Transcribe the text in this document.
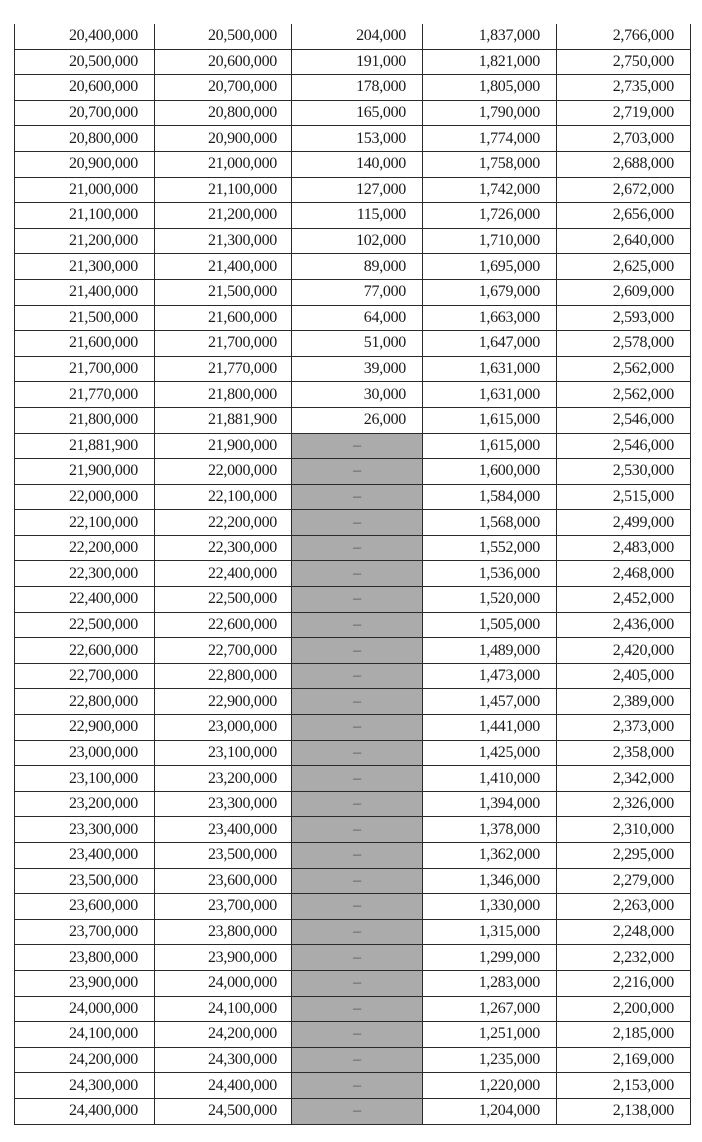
20,400,000	20,500,000	204,000	1,837,000	2,766,000
20,500,000	20,600,000	191,000	1,821,000	2,750,000
20,600,000	20,700,000	178,000	1,805,000	2,735,000
20,700,000	20,800,000	165,000	1,790,000	2,719,000
20,800,000	20,900,000	153,000	1,774,000	2,703,000
20,900,000	21,000,000	140,000	1,758,000	2,688,000
21,000,000	21,100,000	127,000	1,742,000	2,672,000
21,100,000	21,200,000	115,000	1,726,000	2,656,000
21,200,000	21,300,000	102,000	1,710,000	2,640,000
21,300,000	21,400,000	89,000	1,695,000	2,625,000
21,400,000	21,500,000	77,000	1,679,000	2,609,000
21,500,000	21,600,000	64,000	1,663,000	2,593,000
21,600,000	21,700,000	51,000	1,647,000	2,578,000
21,700,000	21,770,000	39,000	1,631,000	2,562,000
21,770,000	21,800,000	30,000	1,631,000	2,562,000
21,800,000	21,881,900	26,000	1,615,000	2,546,000
21,881,900	21,900,000	–	1,615,000	2,546,000
21,900,000	22,000,000	–	1,600,000	2,530,000
22,000,000	22,100,000	–	1,584,000	2,515,000
22,100,000	22,200,000	–	1,568,000	2,499,000
22,200,000	22,300,000	–	1,552,000	2,483,000
22,300,000	22,400,000	–	1,536,000	2,468,000
22,400,000	22,500,000	–	1,520,000	2,452,000
22,500,000	22,600,000	–	1,505,000	2,436,000
22,600,000	22,700,000	–	1,489,000	2,420,000
22,700,000	22,800,000	–	1,473,000	2,405,000
22,800,000	22,900,000	–	1,457,000	2,389,000
22,900,000	23,000,000	–	1,441,000	2,373,000
23,000,000	23,100,000	–	1,425,000	2,358,000
23,100,000	23,200,000	–	1,410,000	2,342,000
23,200,000	23,300,000	–	1,394,000	2,326,000
23,300,000	23,400,000	–	1,378,000	2,310,000
23,400,000	23,500,000	–	1,362,000	2,295,000
23,500,000	23,600,000	–	1,346,000	2,279,000
23,600,000	23,700,000	–	1,330,000	2,263,000
23,700,000	23,800,000	–	1,315,000	2,248,000
23,800,000	23,900,000	–	1,299,000	2,232,000
23,900,000	24,000,000	–	1,283,000	2,216,000
24,000,000	24,100,000	–	1,267,000	2,200,000
24,100,000	24,200,000	–	1,251,000	2,185,000
24,200,000	24,300,000	–	1,235,000	2,169,000
24,300,000	24,400,000	–	1,220,000	2,153,000
24,400,000	24,500,000	–	1,204,000	2,138,000
